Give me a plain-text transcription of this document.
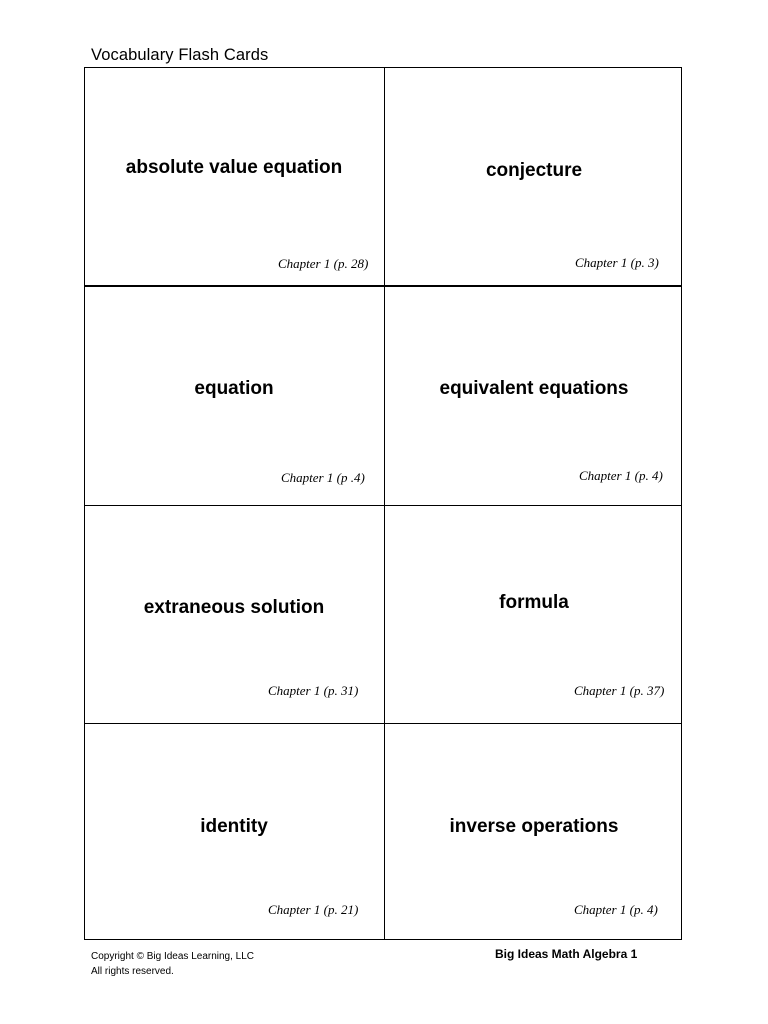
Vocabulary Flash Cards
absolute value equation
Chapter 1 (p. 28)
conjecture
Chapter 1 (p. 3)
equation
Chapter 1 (p .4)
equivalent equations
Chapter 1 (p. 4)
extraneous solution
Chapter 1 (p. 31)
formula
Chapter 1 (p. 37)
identity
Chapter 1 (p. 21)
inverse operations
Chapter 1 (p. 4)
Copyright © Big Ideas Learning, LLC
All rights reserved.
Big Ideas Math Algebra 1
